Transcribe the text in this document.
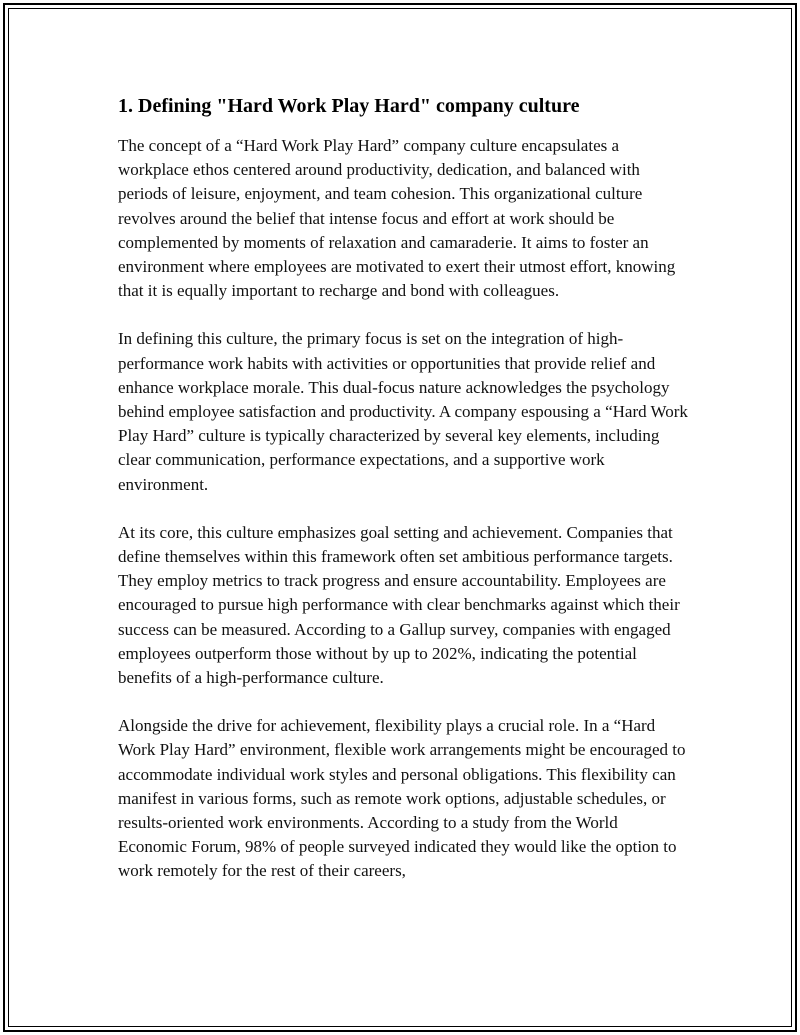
1. Defining "Hard Work Play Hard" company culture

The concept of a “Hard Work Play Hard” company culture encapsulates a workplace ethos centered around productivity, dedication, and balanced with periods of leisure, enjoyment, and team cohesion. This organizational culture revolves around the belief that intense focus and effort at work should be complemented by moments of relaxation and camaraderie. It aims to foster an environment where employees are motivated to exert their utmost effort, knowing that it is equally important to recharge and bond with colleagues.

In defining this culture, the primary focus is set on the integration of high-performance work habits with activities or opportunities that provide relief and enhance workplace morale. This dual-focus nature acknowledges the psychology behind employee satisfaction and productivity. A company espousing a “Hard Work Play Hard” culture is typically characterized by several key elements, including clear communication, performance expectations, and a supportive work environment.

At its core, this culture emphasizes goal setting and achievement. Companies that define themselves within this framework often set ambitious performance targets. They employ metrics to track progress and ensure accountability. Employees are encouraged to pursue high performance with clear benchmarks against which their success can be measured. According to a Gallup survey, companies with engaged employees outperform those without by up to 202%, indicating the potential benefits of a high-performance culture.

Alongside the drive for achievement, flexibility plays a crucial role. In a “Hard Work Play Hard” environment, flexible work arrangements might be encouraged to accommodate individual work styles and personal obligations. This flexibility can manifest in various forms, such as remote work options, adjustable schedules, or results-oriented work environments. According to a study from the World Economic Forum, 98% of people surveyed indicated they would like the option to work remotely for the rest of their careers,
